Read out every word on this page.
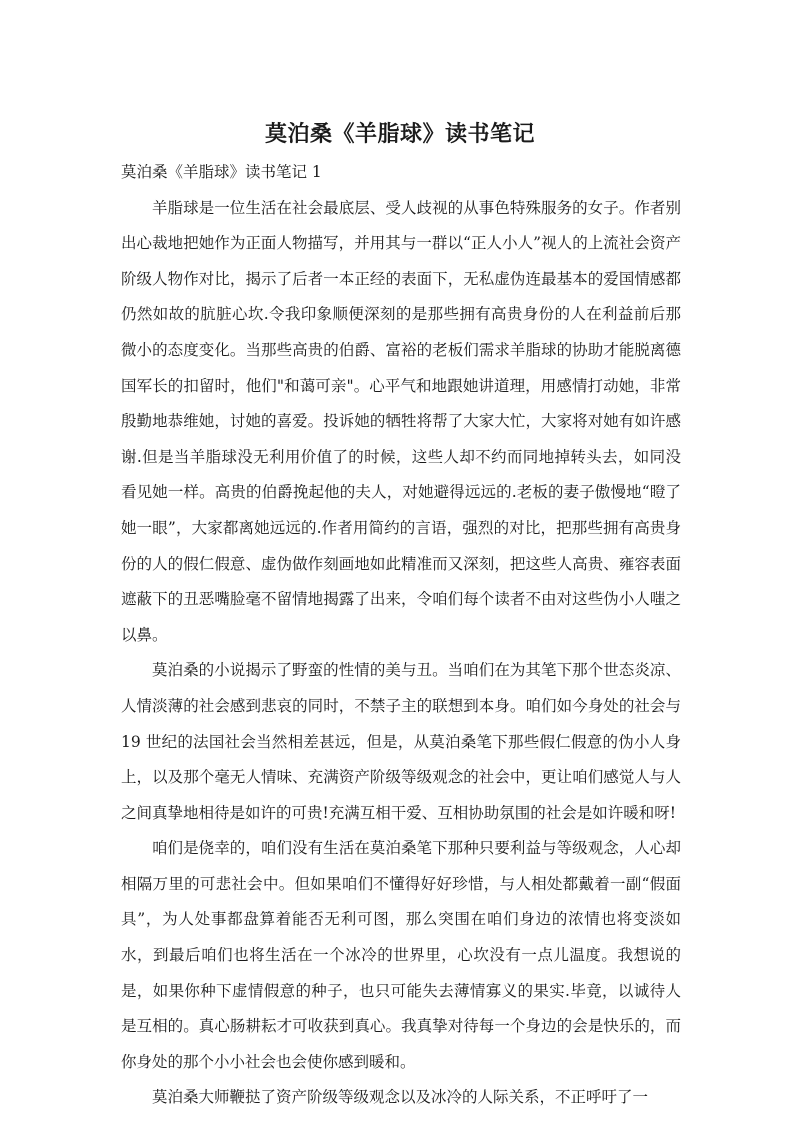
莫泊桑《羊脂球》读书笔记

莫泊桑《羊脂球》读书笔记 1

羊脂球是一位生活在社会最底层、受人歧视的从事色特殊服务的女子。作者别出心裁地把她作为正面人物描写，并用其与一群以“正人小人”视人的上流社会资产阶级人物作对比，揭示了后者一本正经的表面下，无私虚伪连最基本的爱国情感都仍然如故的肮脏心坎.令我印象顺便深刻的是那些拥有高贵身份的人在利益前后那微小的态度变化。当那些高贵的伯爵、富裕的老板们需求羊脂球的协助才能脱离德国军长的扣留时，他们"和蔼可亲"。心平气和地跟她讲道理，用感情打动她，非常殷勤地恭维她，讨她的喜爱。投诉她的牺牲将帮了大家大忙，大家将对她有如许感谢.但是当羊脂球没无利用价值了的时候，这些人却不约而同地掉转头去，如同没看见她一样。高贵的伯爵挽起他的夫人，对她避得远远的.老板的妻子傲慢地“瞪了她一眼”，大家都离她远远的.作者用简约的言语，强烈的对比，把那些拥有高贵身份的人的假仁假意、虚伪做作刻画地如此精准而又深刻，把这些人高贵、雍容表面遮蔽下的丑恶嘴脸毫不留情地揭露了出来，令咱们每个读者不由对这些伪小人嗤之以鼻。

莫泊桑的小说揭示了野蛮的性情的美与丑。当咱们在为其笔下那个世态炎凉、人情淡薄的社会感到悲哀的同时，不禁子主的联想到本身。咱们如今身处的社会与 19 世纪的法国社会当然相差甚远，但是，从莫泊桑笔下那些假仁假意的伪小人身上，以及那个毫无人情味、充满资产阶级等级观念的社会中，更让咱们感觉人与人之间真挚地相待是如许的可贵!充满互相干爱、互相协助氛围的社会是如许暖和呀!

咱们是侥幸的，咱们没有生活在莫泊桑笔下那种只要利益与等级观念，人心却相隔万里的可悲社会中。但如果咱们不懂得好好珍惜，与人相处都戴着一副“假面具”，为人处事都盘算着能否无利可图，那么突围在咱们身边的浓情也将变淡如水，到最后咱们也将生活在一个冰冷的世界里，心坎没有一点儿温度。我想说的是，如果你种下虚情假意的种子，也只可能失去薄情寡义的果实.毕竟，以诚待人是互相的。真心肠耕耘才可收获到真心。我真挚对待每一个身边的会是快乐的，而你身处的那个小小社会也会使你感到暖和。

莫泊桑大师鞭挞了资产阶级等级观念以及冰冷的人际关系，不正呼吁了一
